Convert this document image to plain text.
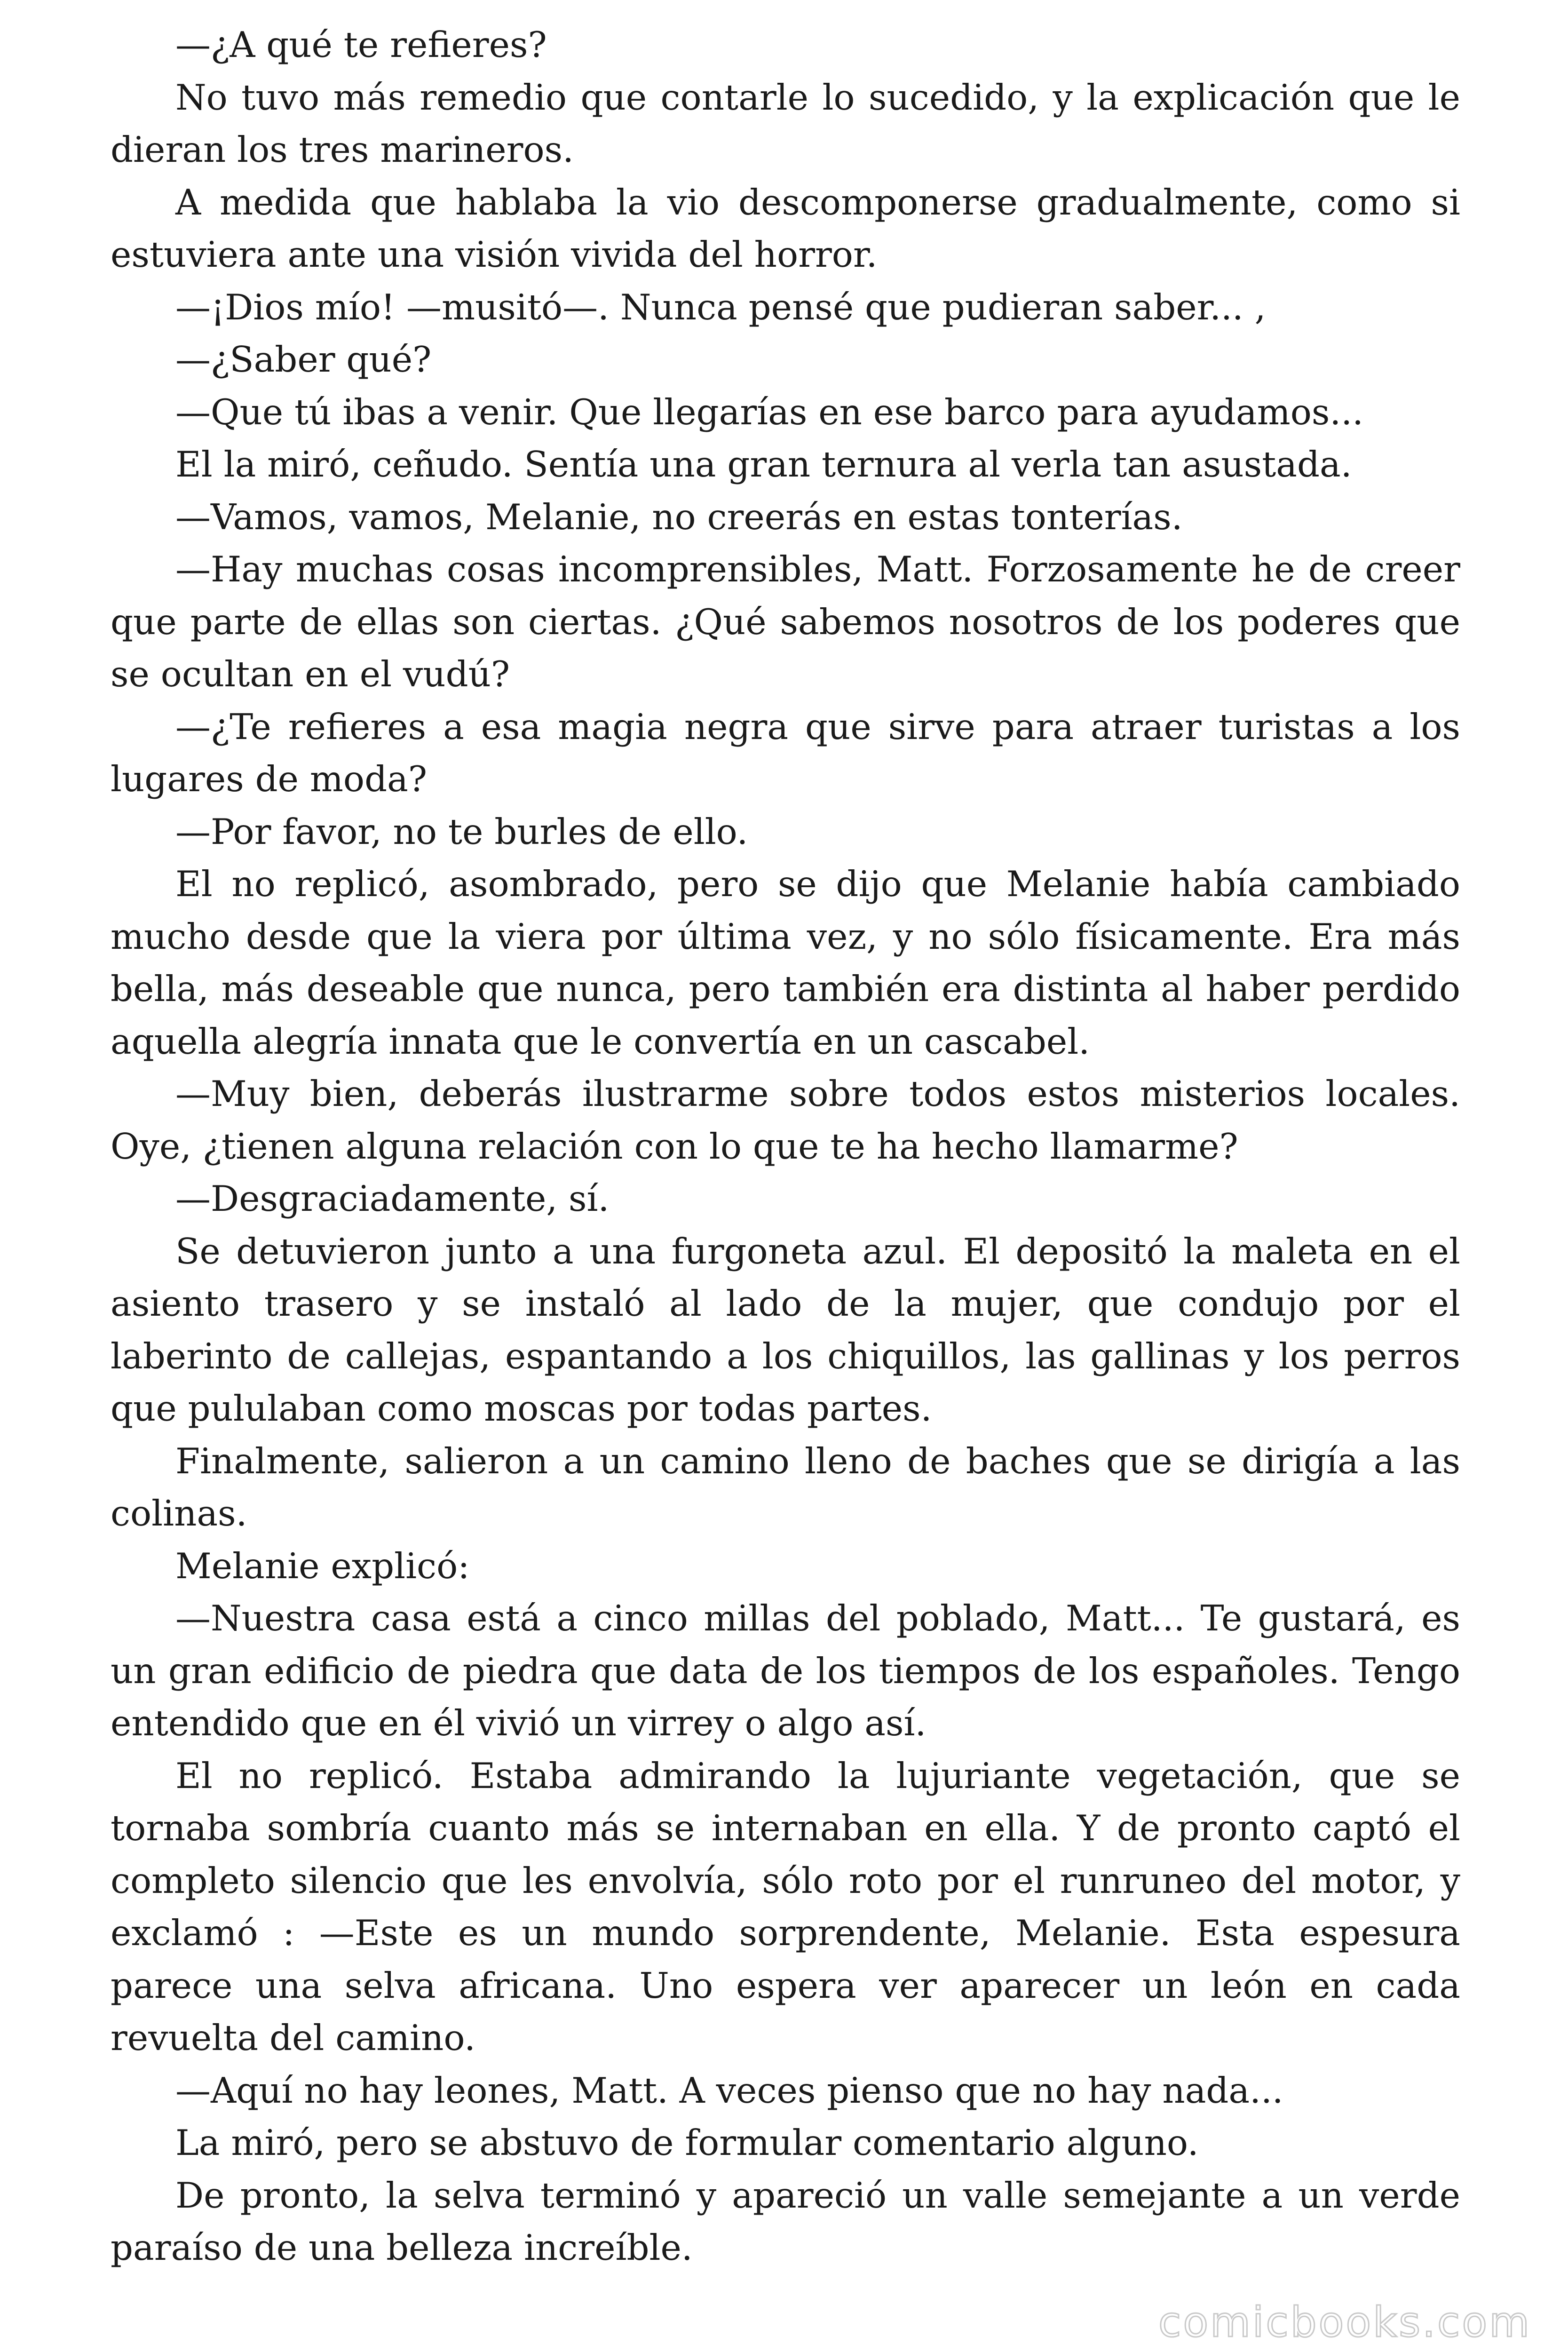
—¿A qué te refieres?

No tuvo más remedio que contarle lo sucedido, y la explicación que le dieran los tres marineros.

A medida que hablaba la vio descomponerse gradualmente, como si estuviera ante una visión vivida del horror.

—¡Dios mío! —musitó—. Nunca pensé que pudieran saber... ,

—¿Saber qué?

—Que tú ibas a venir. Que llegarías en ese barco para ayudamos...

El la miró, ceñudo. Sentía una gran ternura al verla tan asustada.

—Vamos, vamos, Melanie, no creerás en estas tonterías.

—Hay muchas cosas incomprensibles, Matt. Forzosamente he de creer que parte de ellas son ciertas. ¿Qué sabemos nosotros de los poderes que se ocultan en el vudú?

—¿Te refieres a esa magia negra que sirve para atraer turistas a los lugares de moda?

—Por favor, no te burles de ello.

El no replicó, asombrado, pero se dijo que Melanie había cambiado mucho desde que la viera por última vez, y no sólo físicamente. Era más bella, más deseable que nunca, pero también era distinta al haber perdido aquella alegría innata que le convertía en un cascabel.

—Muy bien, deberás ilustrarme sobre todos estos misterios locales. Oye, ¿tienen alguna relación con lo que te ha hecho llamarme?

—Desgraciadamente, sí.

Se detuvieron junto a una furgoneta azul. El depositó la maleta en el asiento trasero y se instaló al lado de la mujer, que condujo por el laberinto de callejas, espantando a los chiquillos, las gallinas y los perros que pululaban como moscas por todas partes.

Finalmente, salieron a un camino lleno de baches que se dirigía a las colinas.

Melanie explicó:

—Nuestra casa está a cinco millas del poblado, Matt... Te gustará, es un gran edificio de piedra que data de los tiempos de los españoles. Tengo entendido que en él vivió un virrey o algo así.

El no replicó. Estaba admirando la lujuriante vegetación, que se tornaba sombría cuanto más se internaban en ella. Y de pronto captó el completo silencio que les envolvía, sólo roto por el runruneo del motor, y exclamó : —Este es un mundo sorprendente, Melanie. Esta espesura parece una selva africana. Uno espera ver aparecer un león en cada revuelta del camino.

—Aquí no hay leones, Matt. A veces pienso que no hay nada...

La miró, pero se abstuvo de formular comentario alguno.

De pronto, la selva terminó y apareció un valle semejante a un verde paraíso de una belleza increíble.

comicbooks.com
